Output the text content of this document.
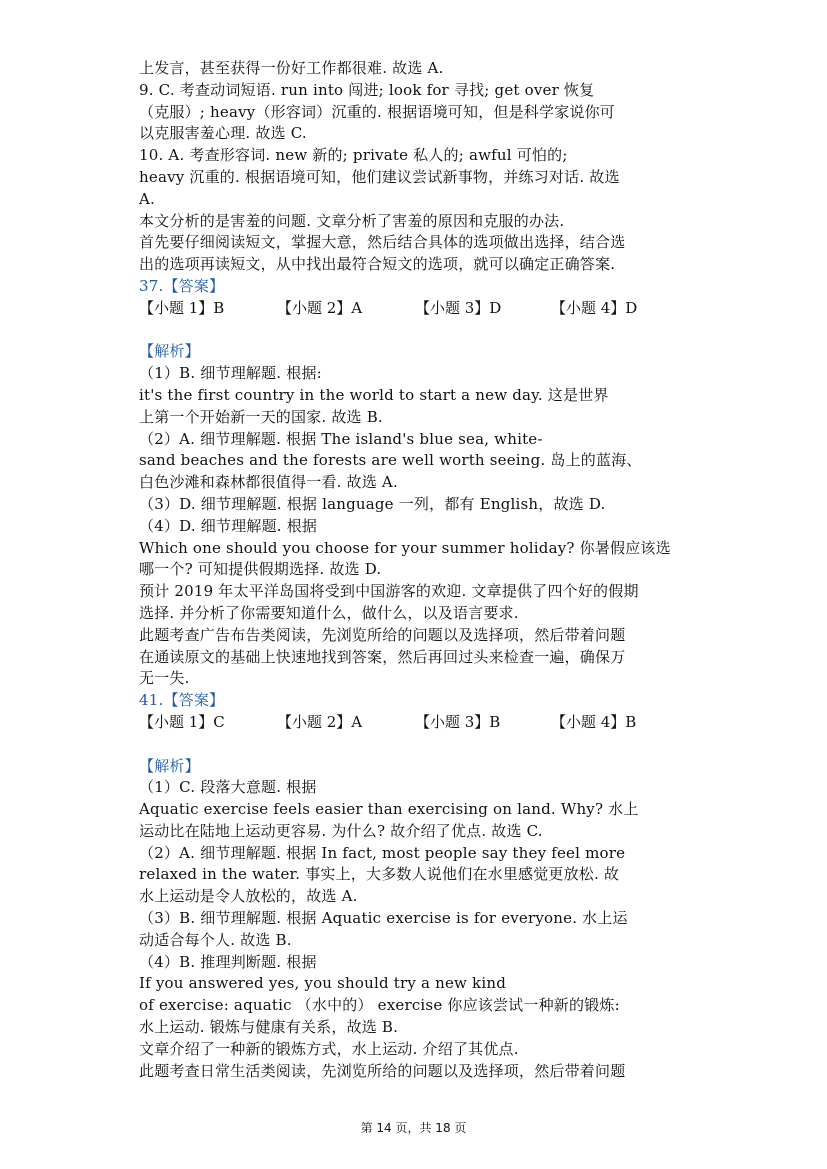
上发言，甚至获得一份好工作都很难. 故选 A.
9. C. 考查动词短语. run into 闯进; look for 寻找; get over 恢复
（克服）; heavy（形容词）沉重的. 根据语境可知，但是科学家说你可
以克服害羞心理. 故选 C.
10. A. 考查形容词. new 新的; private 私人的; awful 可怕的;
heavy 沉重的. 根据语境可知，他们建议尝试新事物，并练习对话. 故选
A.
本文分析的是害羞的问题. 文章分析了害羞的原因和克服的办法.
首先要仔细阅读短文，掌握大意，然后结合具体的选项做出选择，结合选
出的选项再读短文，从中找出最符合短文的选项，就可以确定正确答案.
37.【答案】
【小题 1】B	【小题 2】A	【小题 3】D	【小题 4】D
【解析】
（1）B. 细节理解题. 根据:
it's the first country in the world to start a new day. 这是世界
上第一个开始新一天的国家. 故选 B.
（2）A. 细节理解题. 根据 The island's blue sea, white-
sand beaches and the forests are well worth seeing. 岛上的蓝海、
白色沙滩和森林都很值得一看. 故选 A.
（3）D. 细节理解题. 根据 language 一列，都有 English，故选 D.
（4）D. 细节理解题. 根据
Which one should you choose for your summer holiday? 你暑假应该选
哪一个? 可知提供假期选择. 故选 D.
预计 2019 年太平洋岛国将受到中国游客的欢迎. 文章提供了四个好的假期
选择. 并分析了你需要知道什么，做什么，以及语言要求.
此题考查广告布告类阅读，先浏览所给的问题以及选择项，然后带着问题
在通读原文的基础上快速地找到答案，然后再回过头来检查一遍，确保万
无一失.
41.【答案】
【小题 1】C	【小题 2】A	【小题 3】B	【小题 4】B
【解析】
（1）C. 段落大意题. 根据
Aquatic exercise feels easier than exercising on land. Why? 水上
运动比在陆地上运动更容易. 为什么? 故介绍了优点. 故选 C.
（2）A. 细节理解题. 根据 In fact, most people say they feel more
relaxed in the water. 事实上，大多数人说他们在水里感觉更放松. 故
水上运动是令人放松的，故选 A.
（3）B. 细节理解题. 根据 Aquatic exercise is for everyone. 水上运
动适合每个人. 故选 B.
（4）B. 推理判断题. 根据
If you answered yes, you should try a new kind
of exercise: aquatic （水中的） exercise 你应该尝试一种新的锻炼:
水上运动. 锻炼与健康有关系，故选 B.
文章介绍了一种新的锻炼方式，水上运动. 介绍了其优点.
此题考查日常生活类阅读，先浏览所给的问题以及选择项，然后带着问题
第 14 页，共 18 页
